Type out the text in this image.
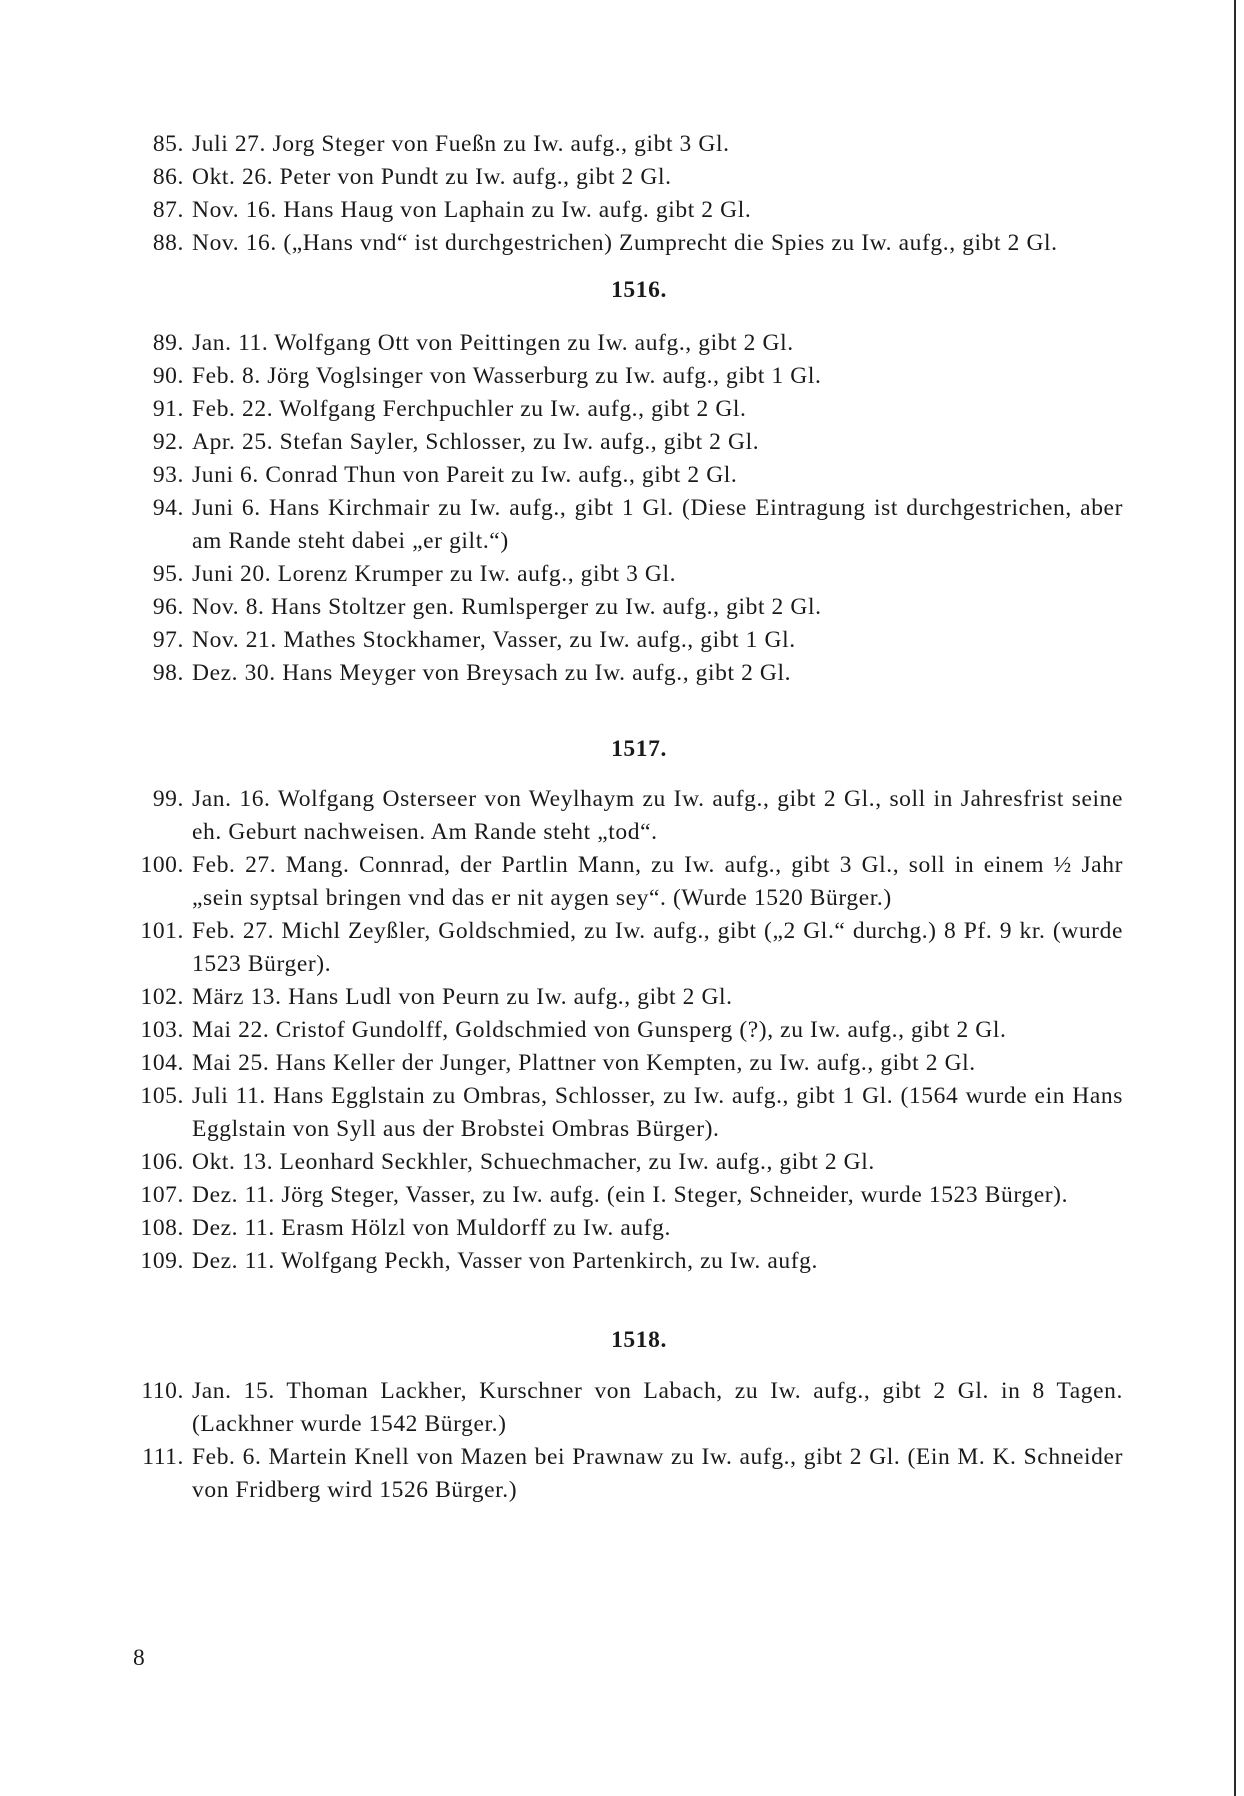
85. Juli 27. Jorg Steger von Fueßn zu Iw. aufg., gibt 3 Gl.
86. Okt. 26. Peter von Pundt zu Iw. aufg., gibt 2 Gl.
87. Nov. 16. Hans Haug von Laphain zu Iw. aufg. gibt 2 Gl.
88. Nov. 16. („Hans vnd“ ist durchgestrichen) Zumprecht die Spies zu Iw. aufg., gibt 2 Gl.
1516.
89. Jan. 11. Wolfgang Ott von Peittingen zu Iw. aufg., gibt 2 Gl.
90. Feb. 8. Jörg Voglsinger von Wasserburg zu Iw. aufg., gibt 1 Gl.
91. Feb. 22. Wolfgang Ferchpuchler zu Iw. aufg., gibt 2 Gl.
92. Apr. 25. Stefan Sayler, Schlosser, zu Iw. aufg., gibt 2 Gl.
93. Juni 6. Conrad Thun von Pareit zu Iw. aufg., gibt 2 Gl.
94. Juni 6. Hans Kirchmair zu Iw. aufg., gibt 1 Gl. (Diese Eintragung ist durchgestrichen, aber am Rande steht dabei „er gilt.“)
95. Juni 20. Lorenz Krumper zu Iw. aufg., gibt 3 Gl.
96. Nov. 8. Hans Stoltzer gen. Rumlsperger zu Iw. aufg., gibt 2 Gl.
97. Nov. 21. Mathes Stockhamer, Vasser, zu Iw. aufg., gibt 1 Gl.
98. Dez. 30. Hans Meyger von Breysach zu Iw. aufg., gibt 2 Gl.
1517.
99. Jan. 16. Wolfgang Osterseer von Weylhaym zu Iw. aufg., gibt 2 Gl., soll in Jahresfrist seine eh. Geburt nachweisen. Am Rande steht „tod“.
100. Feb. 27. Mang. Connrad, der Partlin Mann, zu Iw. aufg., gibt 3 Gl., soll in einem ½ Jahr „sein syptsal bringen vnd das er nit aygen sey“. (Wurde 1520 Bürger.)
101. Feb. 27. Michl Zeyßler, Goldschmied, zu Iw. aufg., gibt („2 Gl.“ durchg.) 8 Pf. 9 kr. (wurde 1523 Bürger).
102. März 13. Hans Ludl von Peurn zu Iw. aufg., gibt 2 Gl.
103. Mai 22. Cristof Gundolff, Goldschmied von Gunsperg (?), zu Iw. aufg., gibt 2 Gl.
104. Mai 25. Hans Keller der Junger, Plattner von Kempten, zu Iw. aufg., gibt 2 Gl.
105. Juli 11. Hans Egglstain zu Ombras, Schlosser, zu Iw. aufg., gibt 1 Gl. (1564 wurde ein Hans Egglstain von Syll aus der Brobstei Ombras Bürger).
106. Okt. 13. Leonhard Seckhler, Schuechmacher, zu Iw. aufg., gibt 2 Gl.
107. Dez. 11. Jörg Steger, Vasser, zu Iw. aufg. (ein I. Steger, Schneider, wurde 1523 Bürger).
108. Dez. 11. Erasm Hölzl von Muldorff zu Iw. aufg.
109. Dez. 11. Wolfgang Peckh, Vasser von Partenkirch, zu Iw. aufg.
1518.
110. Jan. 15. Thoman Lackher, Kurschner von Labach, zu Iw. aufg., gibt 2 Gl. in 8 Tagen. (Lackhner wurde 1542 Bürger.)
111. Feb. 6. Martein Knell von Mazen bei Prawnaw zu Iw. aufg., gibt 2 Gl. (Ein M. K. Schneider von Fridberg wird 1526 Bürger.)
8
